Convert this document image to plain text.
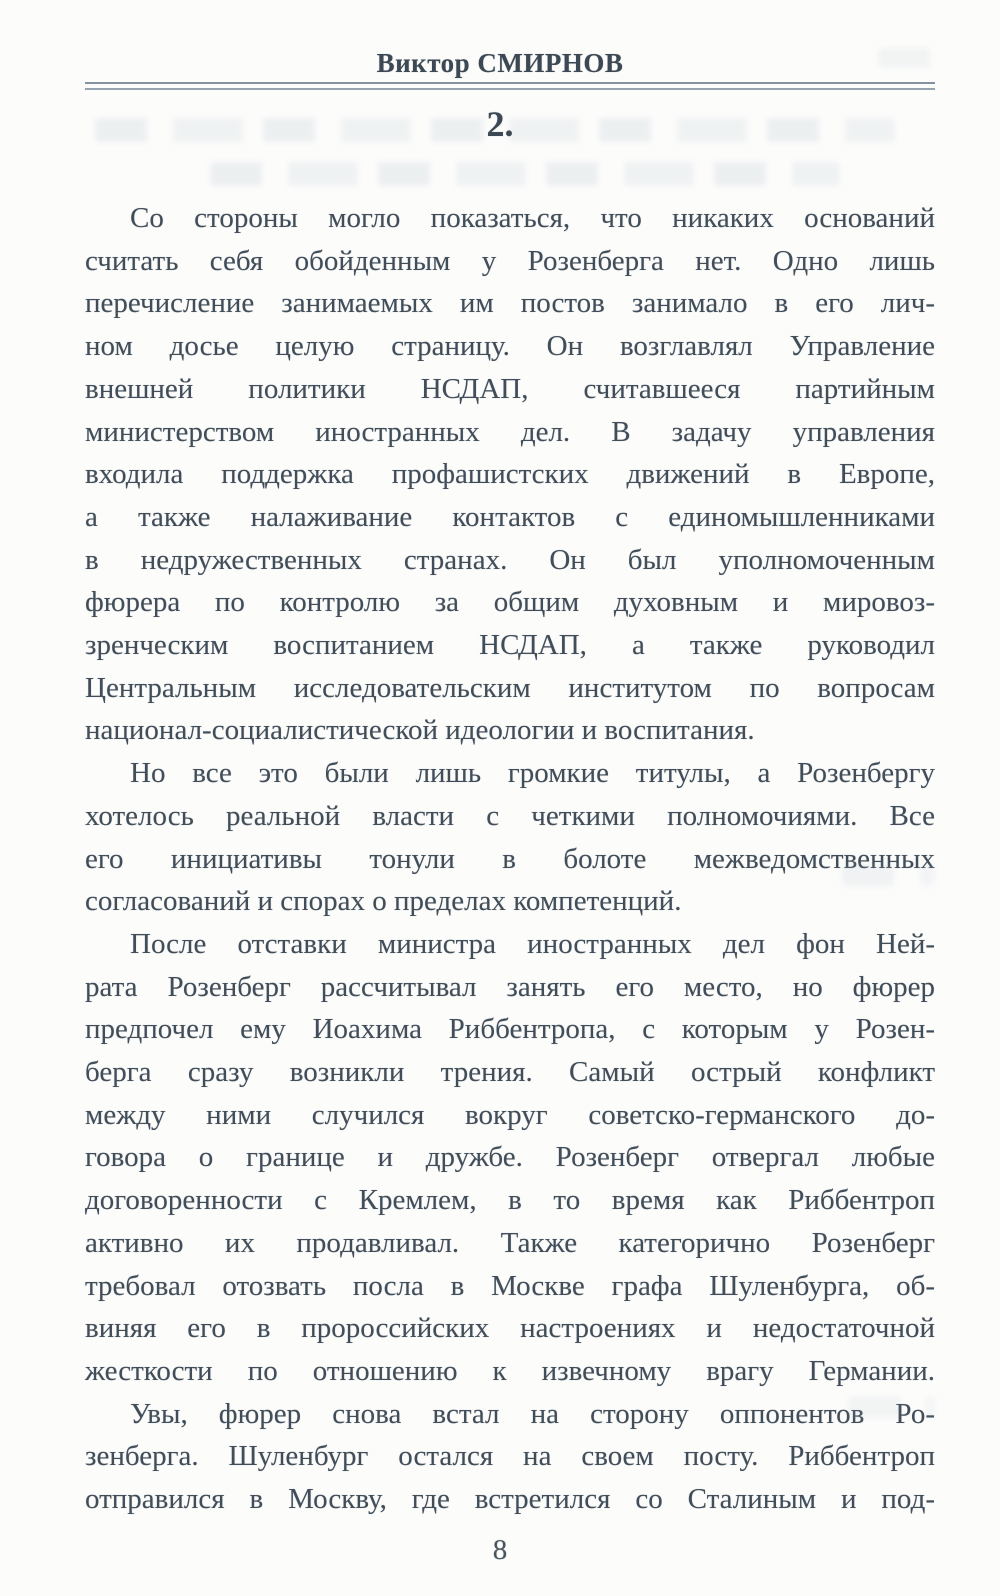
Виктор СМИРНОВ
2.
Со стороны могло показаться, что никаких оснований
считать себя обойденным у Розенберга нет. Одно лишь
перечисление занимаемых им постов занимало в его лич-
ном досье целую страницу. Он возглавлял Управление
внешней политики НСДАП, считавшееся партийным
министерством иностранных дел. В задачу управления
входила поддержка профашистских движений в Европе,
а также налаживание контактов с единомышленниками
в недружественных странах. Он был уполномоченным
фюрера по контролю за общим духовным и мировоз-
зренческим воспитанием НСДАП, а также руководил
Центральным исследовательским институтом по вопросам
национал-социалистической идеологии и воспитания.
Но все это были лишь громкие титулы, а Розенбергу
хотелось реальной власти с четкими полномочиями. Все
его инициативы тонули в болоте межведомственных
согласований и спорах о пределах компетенций.
После отставки министра иностранных дел фон Ней-
рата Розенберг рассчитывал занять его место, но фюрер
предпочел ему Иоахима Риббентропа, с которым у Розен-
берга сразу возникли трения. Самый острый конфликт
между ними случился вокруг советско-германского до-
говора о границе и дружбе. Розенберг отвергал любые
договоренности с Кремлем, в то время как Риббентроп
активно их продавливал. Также категорично Розенберг
требовал отозвать посла в Москве графа Шуленбурга, об-
виняя его в пророссийских настроениях и недостаточной
жесткости по отношению к извечному врагу Германии.
Увы, фюрер снова встал на сторону оппонентов Ро-
зенберга. Шуленбург остался на своем посту. Риббентроп
отправился в Москву, где встретился со Сталиным и под-
8
